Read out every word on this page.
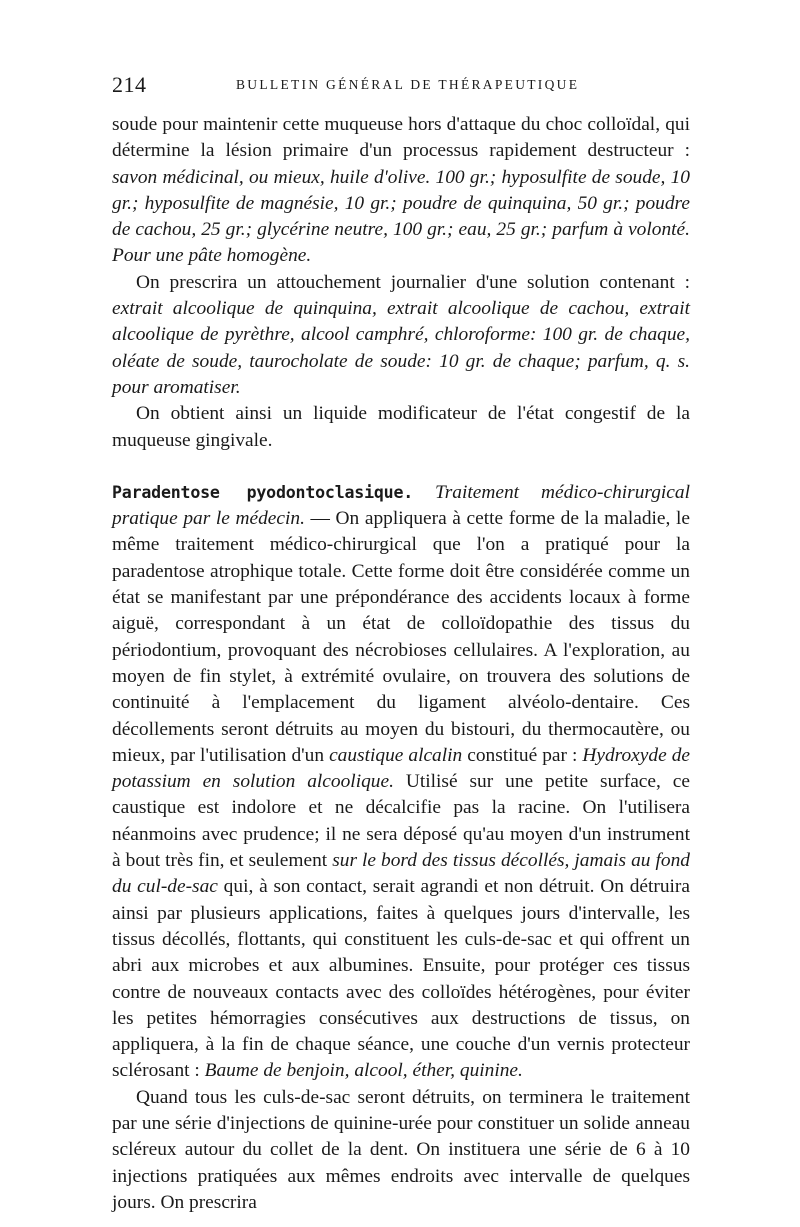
214	BULLETIN GÉNÉRAL DE THÉRAPEUTIQUE

soude pour maintenir cette muqueuse hors d'attaque du choc colloïdal, qui détermine la lésion primaire d'un processus rapidement destructeur : savon médicinal, ou mieux, huile d'olive. 100 gr.; hyposulfite de soude, 10 gr.; hyposulfite de magnésie, 10 gr.; poudre de quinquina, 50 gr.; poudre de cachou, 25 gr.; glycérine neutre, 100 gr.; eau, 25 gr.; parfum à volonté. Pour une pâte homogène.

On prescrira un attouchement journalier d'une solution contenant : extrait alcoolique de quinquina, extrait alcoolique de cachou, extrait alcoolique de pyrèthre, alcool camphré, chloroforme: 100 gr. de chaque, oléate de soude, taurocholate de soude: 10 gr. de chaque; parfum, q. s. pour aromatiser.

On obtient ainsi un liquide modificateur de l'état congestif de la muqueuse gingivale.

Paradentose pyodontoclasique. Traitement médico-chirurgical pratique par le médecin. — On appliquera à cette forme de la maladie, le même traitement médico-chirurgical que l'on a pratiqué pour la paradentose atrophique totale. Cette forme doit être considérée comme un état se manifestant par une prépondérance des accidents locaux à forme aiguë, correspondant à un état de colloïdopathie des tissus du périodontium, provoquant des nécrobioses cellulaires. A l'exploration, au moyen de fin stylet, à extrémité ovulaire, on trouvera des solutions de continuité à l'emplacement du ligament alvéolo-dentaire. Ces décollements seront détruits au moyen du bistouri, du thermocautère, ou mieux, par l'utilisation d'un caustique alcalin constitué par : Hydroxyde de potassium en solution alcoolique. Utilisé sur une petite surface, ce caustique est indolore et ne décalcifie pas la racine. On l'utilisera néanmoins avec prudence; il ne sera déposé qu'au moyen d'un instrument à bout très fin, et seulement sur le bord des tissus décollés, jamais au fond du cul-de-sac qui, à son contact, serait agrandi et non détruit. On détruira ainsi par plusieurs applications, faites à quelques jours d'intervalle, les tissus décollés, flottants, qui constituent les culs-de-sac et qui offrent un abri aux microbes et aux albumines. Ensuite, pour protéger ces tissus contre de nouveaux contacts avec des colloïdes hétérogènes, pour éviter les petites hémorragies consécutives aux destructions de tissus, on appliquera, à la fin de chaque séance, une couche d'un vernis protecteur sclérosant : Baume de benjoin, alcool, éther, quinine.

Quand tous les culs-de-sac seront détruits, on terminera le traitement par une série d'injections de quinine-urée pour constituer un solide anneau scléreux autour du collet de la dent. On instituera une série de 6 à 10 injections pratiquées aux mêmes endroits avec intervalle de quelques jours. On prescrira
